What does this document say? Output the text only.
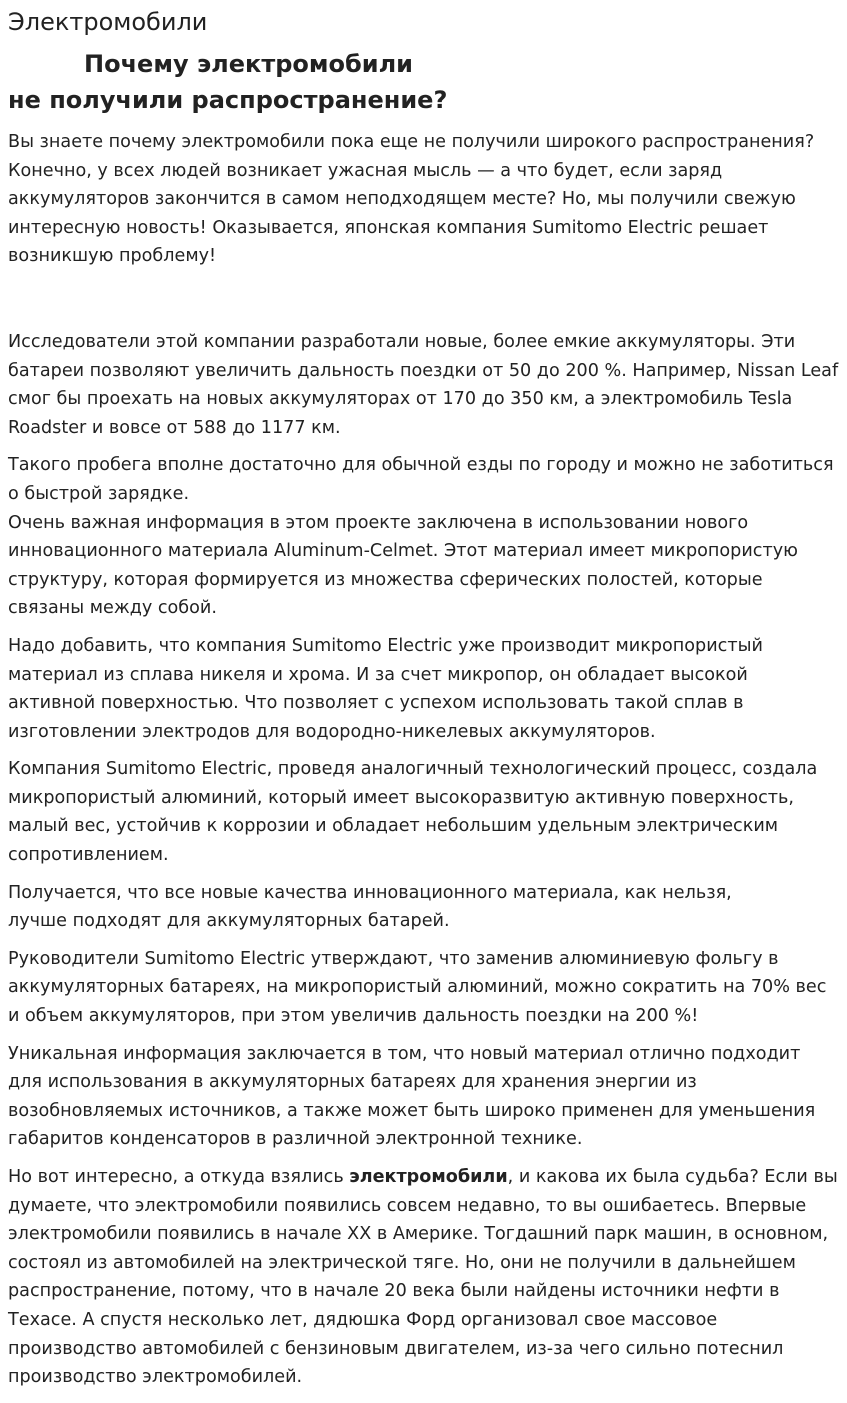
Электромобили
Почему электромобили
не получили распространение?

Вы знаете почему электромобили пока еще не получили широкого распространения? Конечно, у всех людей возникает ужасная мысль — а что будет, если заряд аккумуляторов закончится в самом неподходящем месте? Но, мы получили свежую интересную новость! Оказывается, японская компания Sumitomo Electric решает возникшую проблему!

Исследователи этой компании разработали новые, более емкие аккумуляторы. Эти батареи позволяют увеличить дальность поездки от 50 до 200 %. Например, Nissan Leaf смог бы проехать на новых аккумуляторах от 170 до 350 км, а электромобиль Tesla Roadster и вовсе от 588 до 1177 км.

Такого пробега вполне достаточно для обычной езды по городу и можно не заботиться о быстрой зарядке.
Очень важная информация в этом проекте заключена в использовании нового инновационного материала Aluminum-Celmet. Этот материал имеет микропористую структуру, которая формируется из множества сферических полостей, которые связаны между собой.

Надо добавить, что компания Sumitomo Electric уже производит микропористый материал из сплава никеля и хрома. И за счет микропор, он обладает высокой активной поверхностью. Что позволяет с успехом использовать такой сплав в изготовлении электродов для водородно-никелевых аккумуляторов.

Компания Sumitomo Electric, проведя аналогичный технологический процесс, создала микропористый алюминий, который имеет высокоразвитую активную поверхность, малый вес, устойчив к коррозии и обладает небольшим удельным электрическим сопротивлением.

Получается, что все новые качества инновационного материала, как нельзя,
лучше подходят для аккумуляторных батарей.

Руководители Sumitomo Electric утверждают, что заменив алюминиевую фольгу в аккумуляторных батареях, на микропористый алюминий, можно сократить на 70% вес и объем аккумуляторов, при этом увеличив дальность поездки на 200 %!

Уникальная информация заключается в том, что новый материал отлично подходит для использования в аккумуляторных батареях для хранения энергии из возобновляемых источников, а также может быть широко применен для уменьшения габаритов конденсаторов в различной электронной технике.

Но вот интересно, а откуда взялись электромобили, и какова их была судьба? Если вы думаете, что электромобили появились совсем недавно, то вы ошибаетесь. Впервые электромобили появились в начале XX в Америке. Тогдашний парк машин, в основном, состоял из автомобилей на электрической тяге. Но, они не получили в дальнейшем распространение, потому, что в начале 20 века были найдены источники нефти в Техасе. А спустя несколько лет, дядюшка Форд организовал свое массовое производство автомобилей с бензиновым двигателем, из-за чего сильно потеснил производство электромобилей.
